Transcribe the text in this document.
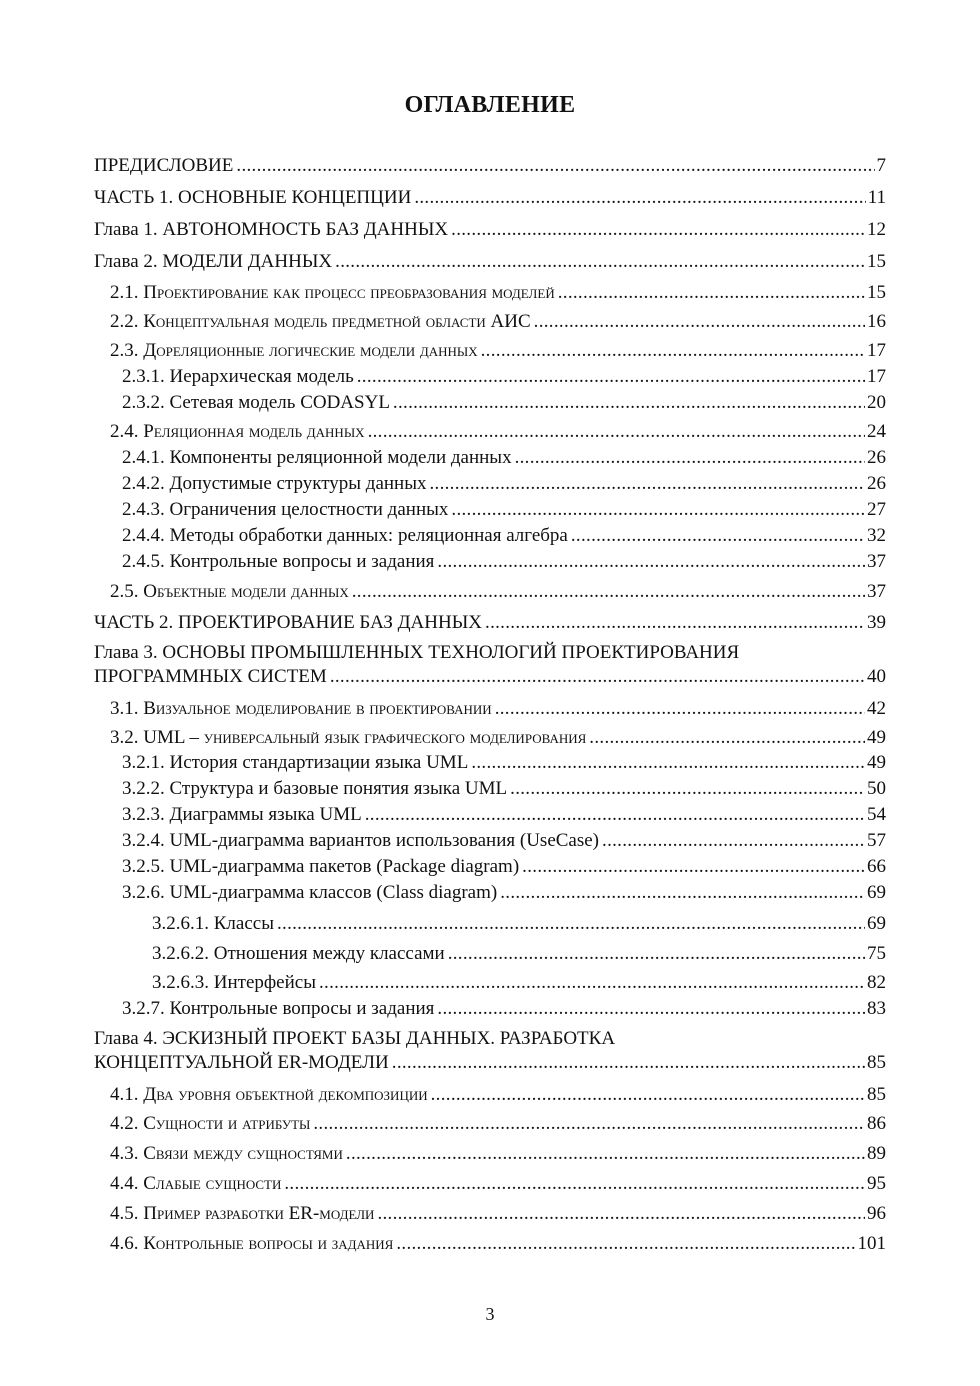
ОГЛАВЛЕНИЕ
ПРЕДИСЛОВИЕ .....	7
ЧАСТЬ 1. ОСНОВНЫЕ КОНЦЕПЦИИ .....	11
Глава 1. АВТОНОМНОСТЬ БАЗ ДАННЫХ .....	12
Глава 2. МОДЕЛИ ДАННЫХ .....	15
2.1. Проектирование как процесс преобразования моделей .....	15
2.2. Концептуальная модель предметной области АИС .....	16
2.3. Дореляционные логические модели данных .....	17
2.3.1. Иерархическая модель .....	17
2.3.2. Сетевая модель CODASYL .....	20
2.4. Реляционная модель данных .....	24
2.4.1. Компоненты реляционной модели данных .....	26
2.4.2. Допустимые структуры данных .....	26
2.4.3. Ограничения целостности данных .....	27
2.4.4. Методы обработки данных: реляционная алгебра .....	32
2.4.5. Контрольные вопросы и задания .....	37
2.5. Объектные модели данных .....	37
ЧАСТЬ 2. ПРОЕКТИРОВАНИЕ БАЗ ДАННЫХ .....	39
Глава 3. ОСНОВЫ ПРОМЫШЛЕННЫХ ТЕХНОЛОГИЙ ПРОЕКТИРОВАНИЯ
ПРОГРАММНЫХ СИСТЕМ .....	40
3.1. Визуальное моделирование в проектировании .....	42
3.2. UML – универсальный язык графического моделирования .....	49
3.2.1. История стандартизации языка UML .....	49
3.2.2. Структура и базовые понятия языка UML .....	50
3.2.3. Диаграммы языка UML .....	54
3.2.4. UML-диаграмма вариантов использования (UseCase) .....	57
3.2.5. UML-диаграмма пакетов (Package diagram) .....	66
3.2.6. UML-диаграмма классов (Class diagram) .....	69
3.2.6.1. Классы .....	69
3.2.6.2. Отношения между классами .....	75
3.2.6.3. Интерфейсы .....	82
3.2.7. Контрольные вопросы и задания .....	83
Глава 4. ЭСКИЗНЫЙ ПРОЕКТ БАЗЫ ДАННЫХ. РАЗРАБОТКА
КОНЦЕПТУАЛЬНОЙ ER-МОДЕЛИ .....	85
4.1. Два уровня объектной декомпозиции .....	85
4.2. Сущности и атрибуты .....	86
4.3. Связи между сущностями .....	89
4.4. Слабые сущности .....	95
4.5. Пример разработки ER-модели .....	96
4.6. Контрольные вопросы и задания .....	101
3
